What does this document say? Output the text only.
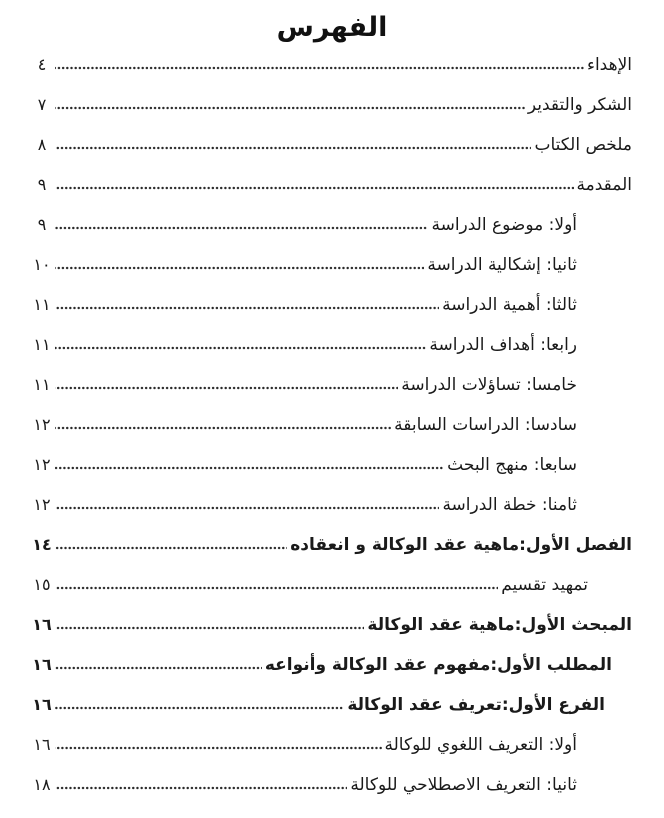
الفهرس
الإهداء
٤
الشكر والتقدير
٧
ملخص الكتاب
٨
المقدمة
٩
أولا: موضوع الدراسة
٩
ثانيا: إشكالية الدراسة
١٠
ثالثا: أهمية الدراسة
١١
رابعا: أهداف الدراسة
١١
خامسا: تساؤلات الدراسة
١١
سادسا: الدراسات السابقة
١٢
سابعا: منهج البحث
١٢
ثامنا: خطة الدراسة
١٢
الفصل الأول:ماهية عقد الوكالة و انعقاده
١٤
تمهيد تقسيم
١٥
المبحث الأول:ماهية عقد الوكالة
١٦
المطلب الأول:مفهوم عقد الوكالة وأنواعه
١٦
الفرع الأول:تعريف عقد الوكالة
١٦
أولا: التعريف اللغوي للوكالة
١٦
ثانيا: التعريف الاصطلاحي للوكالة
١٨
